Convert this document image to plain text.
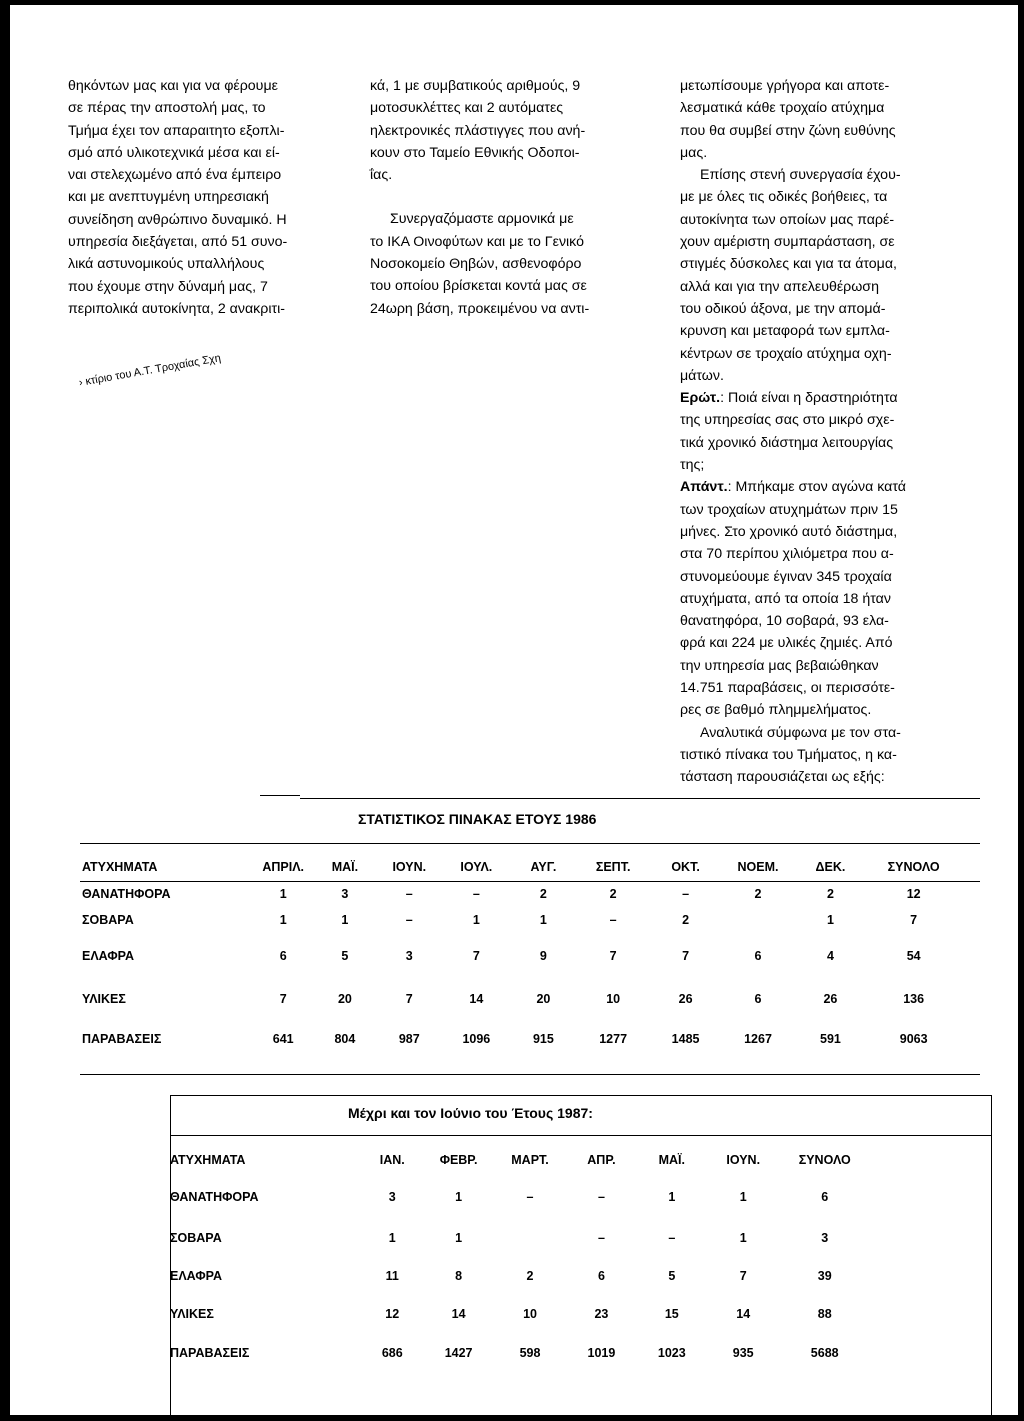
θηκόντων μας και για να φέρουμε
σε πέρας την αποστολή μας, το
Τμήμα έχει τον απαραιτητο εξοπλι-
σμό από υλικοτεχνικά μέσα και εί-
ναι στελεχωμένο από ένα έμπειρο
και με ανεπτυγμένη υπηρεσιακή
συνείδηση ανθρώπινο δυναμικό. Η
υπηρεσία διεξάγεται, από 51 συνο-
λικά αστυνομικούς υπαλλήλους
που έχουμε στην δύναμή μας, 7
περιπολικά αυτοκίνητα, 2 ανακριτι-
κά, 1 με συμβατικούς αριθμούς, 9
μοτοσυκλέττες και 2 αυτόματες
ηλεκτρονικές πλάστιγγες που ανή-
κουν στο Ταμείο Εθνικής Οδοποι-
ΐας.
Συνεργαζόμαστε αρμονικά με
το ΙΚΑ Οινοφύτων και με το Γενικό
Νοσοκομείο Θηβών, ασθενοφόρο
του οποίου βρίσκεται κοντά μας σε
24ωρη βάση, προκειμένου να αντι-
μετωπίσουμε γρήγορα και αποτε-
λεσματικά κάθε τροχαίο ατύχημα
που θα συμβεί στην ζώνη ευθύνης
μας.
Επίσης στενή συνεργασία έχου-
με με όλες τις οδικές βοήθειες, τα
αυτοκίνητα των οποίων μας παρέ-
χουν αμέριστη συμπαράσταση, σε
στιγμές δύσκολες και για τα άτομα,
αλλά και για την απελευθέρωση
του οδικού άξονα, με την απομά-
κρυνση και μεταφορά των εμπλα-
κέντρων σε τροχαίο ατύχημα οχη-
μάτων.
Ερώτ.: Ποιά είναι η δραστηριότητα
της υπηρεσίας σας στο μικρό σχε-
τικά χρονικό διάστημα λειτουργίας
της;
Απάντ.: Μπήκαμε στον αγώνα κατά
των τροχαίων ατυχημάτων πριν 15
μήνες. Στο χρονικό αυτό διάστημα,
στα 70 περίπου χιλιόμετρα που α-
στυνομεύουμε έγιναν 345 τροχαία
ατυχήματα, από τα οποία 18 ήταν
θανατηφόρα, 10 σοβαρά, 93 ελα-
φρά και 224 με υλικές ζημιές. Από
την υπηρεσία μας βεβαιώθηκαν
14.751 παραβάσεις, οι περισσότε-
ρες σε βαθμό πλημμελήματος.
Αναλυτικά σύμφωνα με τον στα-
τιστικό πίνακα του Τμήματος, η κα-
τάσταση παρουσιάζεται ως εξής:
› κτίριο του Α.Τ. Τροχαίας Σχη
ΣΤΑΤΙΣΤΙΚΟΣ ΠΙΝΑΚΑΣ ΕΤΟΥΣ 1986
ΑΤΥΧΗΜΑΤΑ	ΑΠΡΙΛ.	ΜΑΪ.	ΙΟΥΝ.	ΙΟΥΛ.	ΑΥΓ.	ΣΕΠΤ.	ΟΚΤ.	ΝΟΕΜ.	ΔΕΚ.	ΣΥΝΟΛΟ
ΘΑΝΑΤΗΦΟΡΑ	1	3	–	–	2	2	–	2	2	12
ΣΟΒΑΡΑ	1	1	–	1	1	–	2		1	7
ΕΛΑΦΡΑ	6	5	3	7	9	7	7	6	4	54
ΥΛΙΚΕΣ	7	20	7	14	20	10	26	6	26	136
ΠΑΡΑΒΑΣΕΙΣ	641	804	987	1096	915	1277	1485	1267	591	9063
Μέχρι και τον Ιούνιο του Έτους 1987:
ΑΤΥΧΗΜΑΤΑ	ΙΑΝ.	ΦΕΒΡ.	ΜΑΡΤ.	ΑΠΡ.	ΜΑΪ.	ΙΟΥΝ.	ΣΥΝΟΛΟ
ΘΑΝΑΤΗΦΟΡΑ	3	1	–	–	1	1	6
ΣΟΒΑΡΑ	1	1		–	–	1	3
ΕΛΑΦΡΑ	11	8	2	6	5	7	39
ΥΛΙΚΕΣ	12	14	10	23	15	14	88
ΠΑΡΑΒΑΣΕΙΣ	686	1427	598	1019	1023	935	5688
